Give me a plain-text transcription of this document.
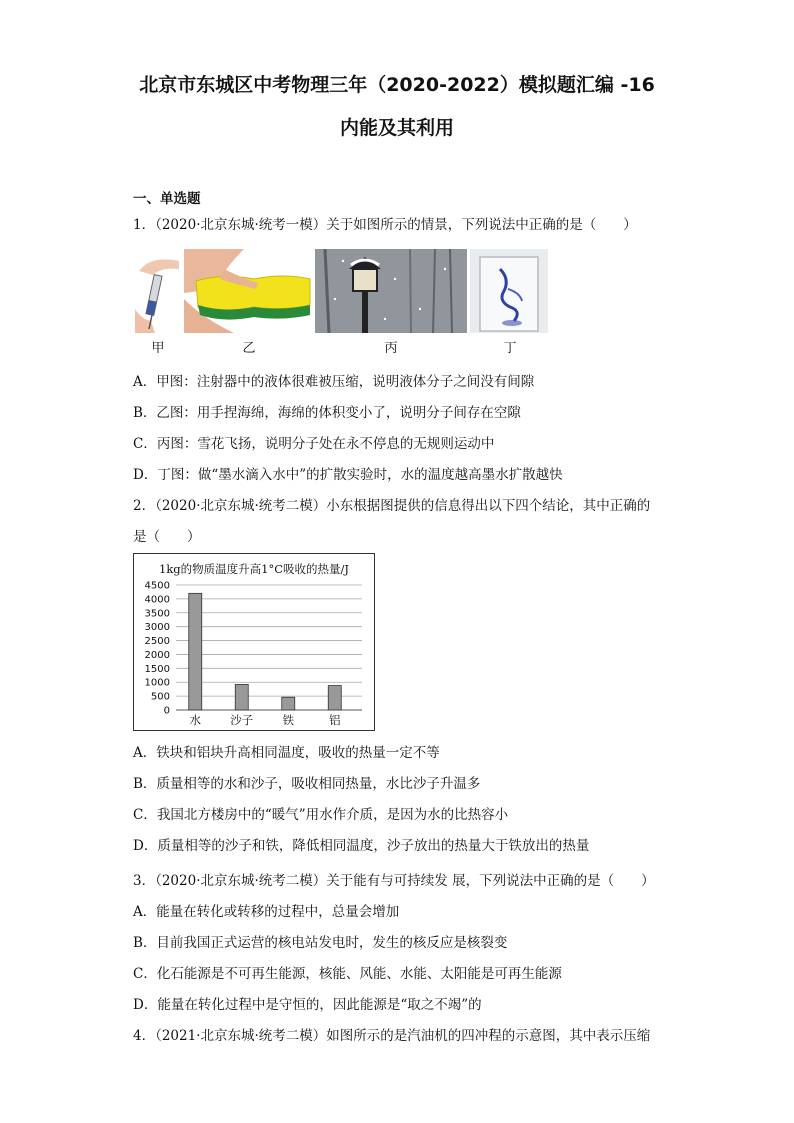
北京市东城区中考物理三年（2020-2022）模拟题汇编 -16
内能及其利用
一、单选题
1．（2020·北京东城·统考一模）关于如图所示的情景，下列说法中正确的是（　　）
甲	乙	丙	丁
A．甲图：注射器中的液体很难被压缩，说明液体分子之间没有间隙
B．乙图：用手捏海绵，海绵的体积变小了，说明分子间存在空隙
C．丙图：雪花飞扬，说明分子处在永不停息的无规则运动中
D．丁图：做“墨水滴入水中”的扩散实验时，水的温度越高墨水扩散越快
2．（2020·北京东城·统考二模）小东根据图提供的信息得出以下四个结论，其中正确的
是（　　）
1kg的物质温度升高1°C吸收的热量/J
0
500
1000
1500
2000
2500
3000
3500
4000
4500
水	沙子	铁	铝
A．铁块和铝块升高相同温度，吸收的热量一定不等
B．质量相等的水和沙子，吸收相同热量，水比沙子升温多
C．我国北方楼房中的“暖气”用水作介质，是因为水的比热容小
D．质量相等的沙子和铁，降低相同温度，沙子放出的热量大于铁放出的热量
3．（2020·北京东城·统考二模）关于能有与可持续发 展，下列说法中正确的是（　　）
A．能量在转化或转移的过程中，总量会增加
B．目前我国正式运营的核电站发电时，发生的核反应是核裂变
C．化石能源是不可再生能源，核能、风能、水能、太阳能是可再生能源
D．能量在转化过程中是守恒的，因此能源是“取之不竭”的
4．（2021·北京东城·统考二模）如图所示的是汽油机的四冲程的示意图，其中表示压缩
